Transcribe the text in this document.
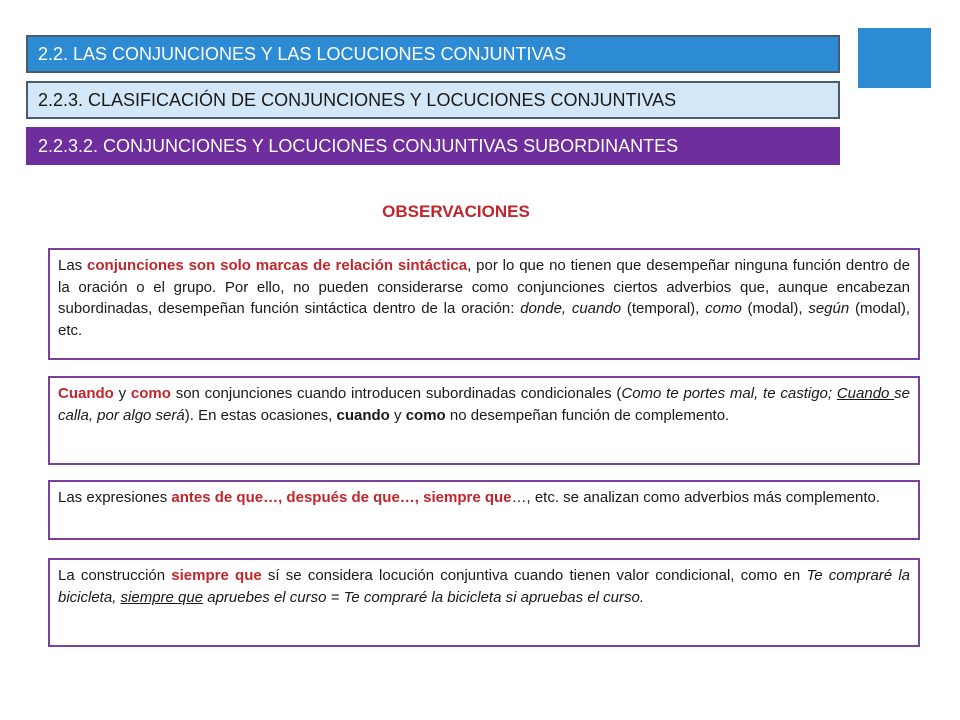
2.2. LAS CONJUNCIONES Y LAS LOCUCIONES CONJUNTIVAS
2.2.3. CLASIFICACIÓN DE CONJUNCIONES Y LOCUCIONES CONJUNTIVAS
2.2.3.2. CONJUNCIONES Y LOCUCIONES CONJUNTIVAS SUBORDINANTES
OBSERVACIONES

Las conjunciones son solo marcas de relación sintáctica, por lo que no tienen que desempeñar ninguna función dentro de la oración o el grupo. Por ello, no pueden considerarse como conjunciones ciertos adverbios que, aunque encabezan subordinadas, desempeñan función sintáctica dentro de la oración: donde, cuando (temporal), como (modal), según (modal), etc.

Cuando y como son conjunciones cuando introducen subordinadas condicionales (Como te portes mal, te castigo; Cuando se calla, por algo será). En estas ocasiones, cuando y como no desempeñan función de complemento.

Las expresiones antes de que…, después de que…, siempre que…, etc. se analizan como adverbios más complemento.

La construcción siempre que sí se considera locución conjuntiva cuando tienen valor condicional, como en Te compraré la bicicleta, siempre que apruebes el curso = Te compraré la bicicleta si apruebas el curso.
